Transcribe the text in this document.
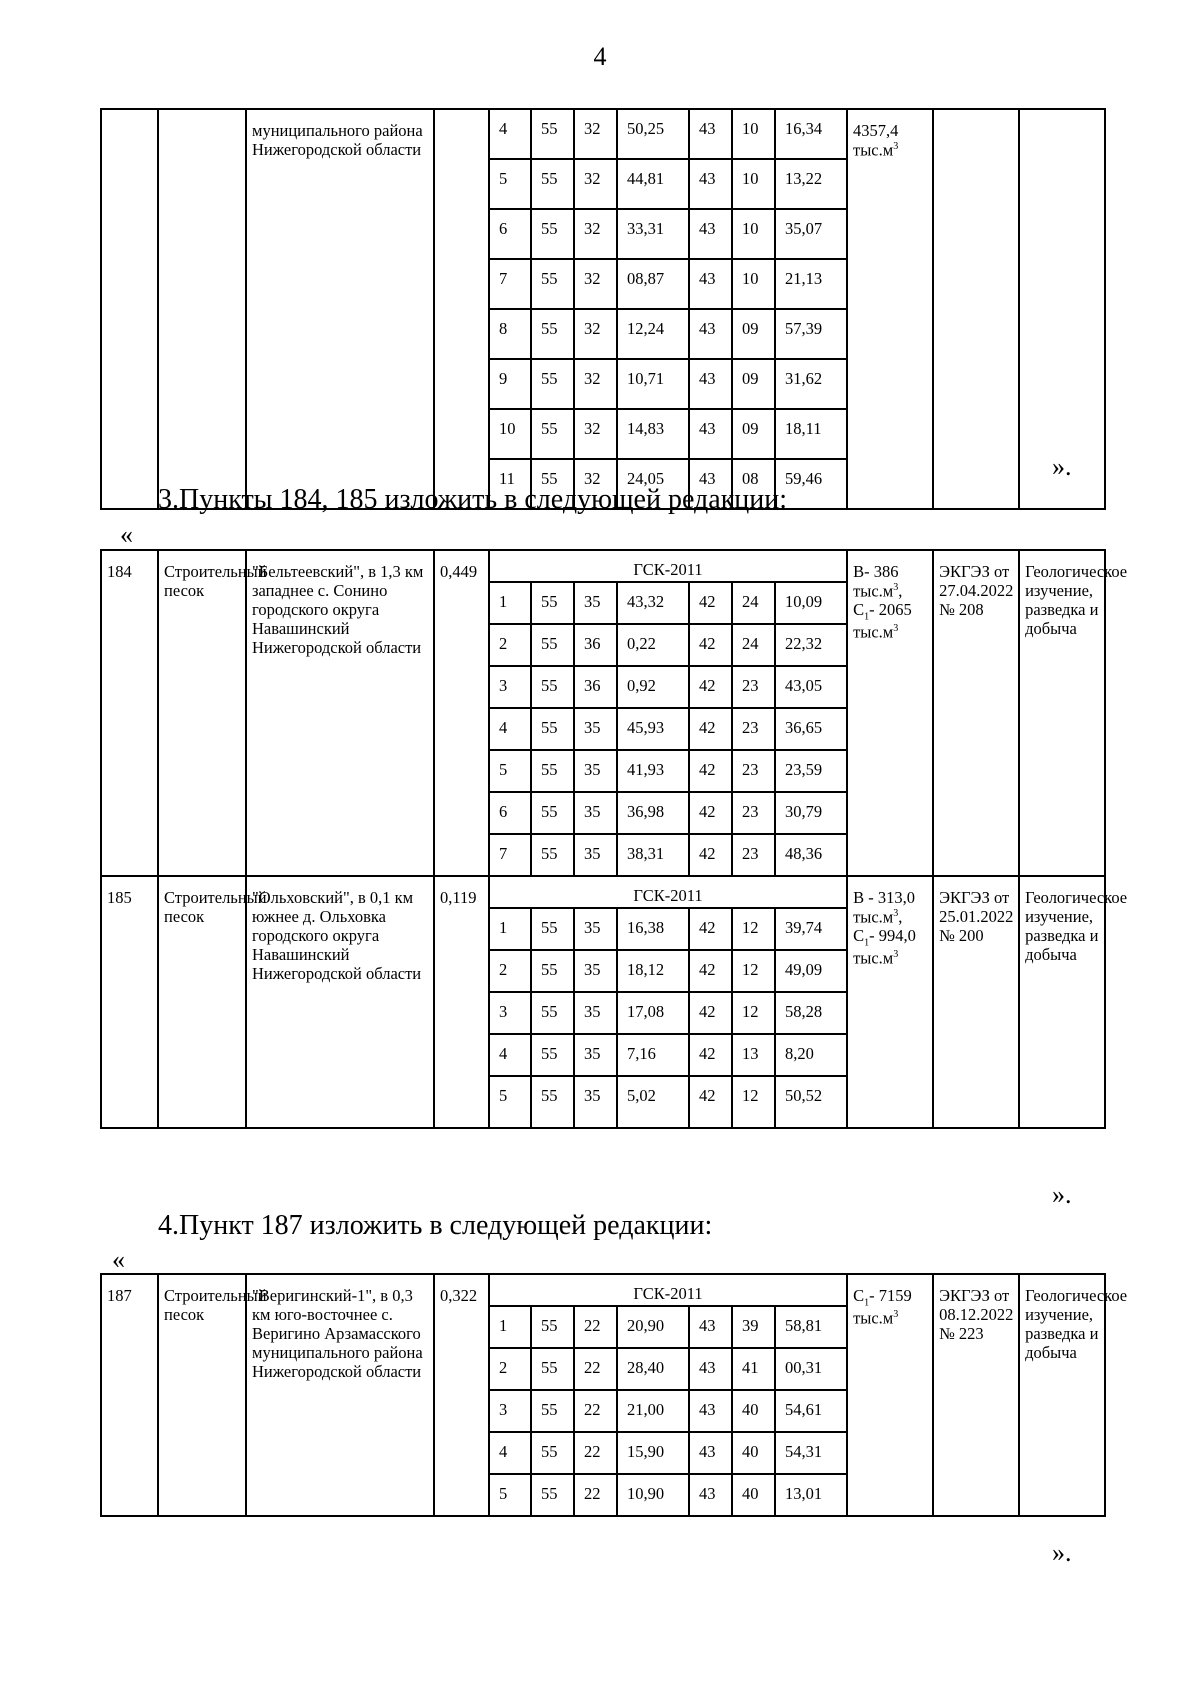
4
		муниципального района Нижегородской области		4	55	32	50,25	43	10	16,34	4357,4 $тыс.м^3$		
				5	55	32	44,81	43	10	13,22			
				6	55	32	33,31	43	10	35,07			
				7	55	32	08,87	43	10	21,13			
				8	55	32	12,24	43	09	57,39			
				9	55	32	10,71	43	09	31,62			
				10	55	32	14,83	43	09	18,11			
				11	55	32	24,05	43	08	59,46				».
3.Пункты 184, 185 изложить в следующей редакции:
«
184	Строительный песок	"Бельтеевский", в 1,3 км западнее с. Сонино городского округа Навашинский Нижегородской области	0,449	ГСК-2011							В- 386 $тыс.м^3$, $С_1-$ 2065 $тыс.м^3$	ЭКГЭЗ от 27.04.2022 № 208	Геологическое изучение, разведка и добыча
				1	55	35	43,32	42	24	10,09			
				2	55	36	0,22	42	24	22,32			
				3	55	36	0,92	42	23	43,05			
				4	55	35	45,93	42	23	36,65			
				5	55	35	41,93	42	23	23,59			
				6	55	35	36,98	42	23	30,79			
				7	55	35	38,31	42	23	48,36			
185	Строительный песок	"Ольховский", в 0,1 км южнее д. Ольховка городского округа Навашинский Нижегородской области	0,119	ГСК-2011							В - 313,0 $тыс.м^3$, $С_1-$ 994,0 $тыс.м^3$	ЭКГЭЗ от 25.01.2022 № 200	Геологическое изучение, разведка и добыча
				1	55	35	16,38	42	12	39,74			
				2	55	35	18,12	42	12	49,09			
				3	55	35	17,08	42	12	58,28			
				4	55	35	7,16	42	13	8,20			
				5	55	35	5,02	42	12	50,52			
».
4.Пункт 187 изложить в следующей редакции:
«
187	Строительный песок	"Веригинский-1", в 0,3 км юго-восточнее с. Веригино Арзамасского муниципального района Нижегородской области	0,322	ГСК-2011							$С_1-$ 7159 $тыс.м^3$	ЭКГЭЗ от 08.12.2022 № 223	Геологическое изучение, разведка и добыча
				1	55	22	20,90	43	39	58,81			
				2	55	22	28,40	43	41	00,31			
				3	55	22	21,00	43	40	54,61			
				4	55	22	15,90	43	40	54,31			
				5	55	22	10,90	43	40	13,01			
».
